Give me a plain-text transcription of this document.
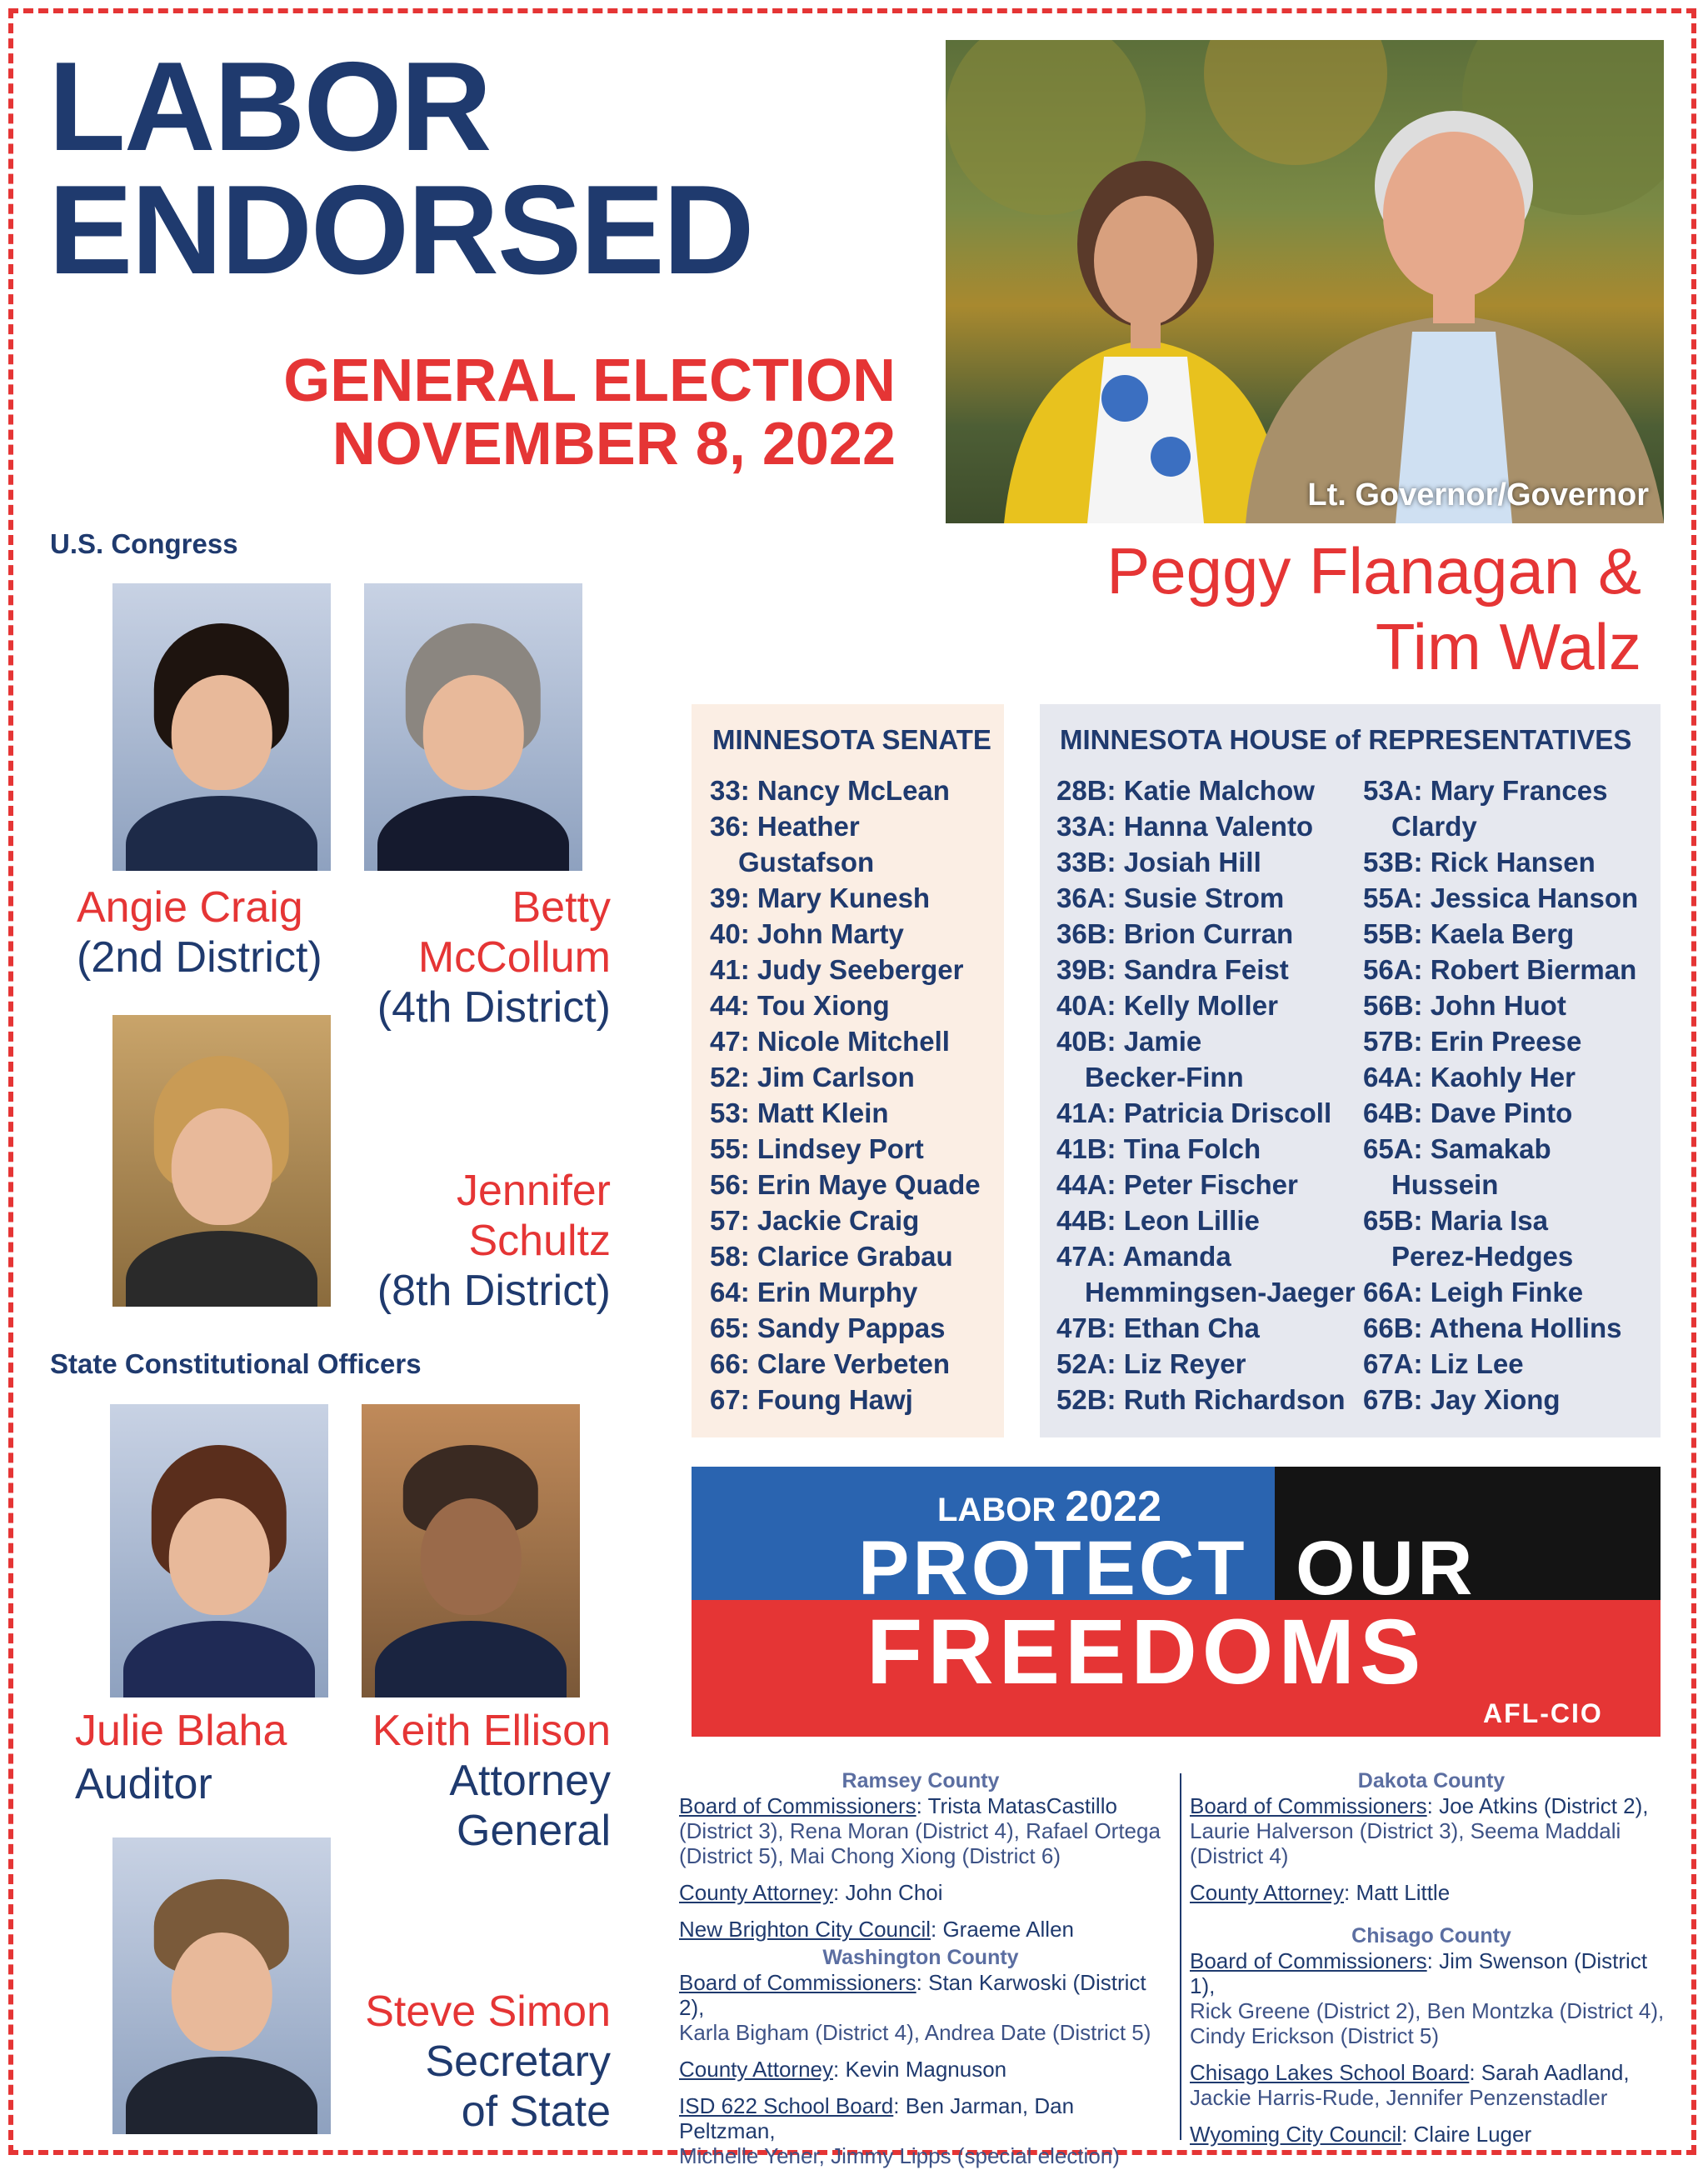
LABOR
ENDORSED
GENERAL ELECTION
NOVEMBER 8, 2022
Lt. Governor/Governor
Peggy Flanagan &
Tim Walz
U.S. Congress
Angie Craig
(2nd District)
Betty
McCollum
(4th District)
Jennifer
Schultz
(8th District)
State Constitutional Officers
Julie Blaha
Auditor
Keith Ellison
Attorney
General
Steve Simon
Secretary
of State
MINNESOTA SENATE
33: Nancy McLean
36: Heather
Gustafson
39: Mary Kunesh
40: John Marty
41: Judy Seeberger
44: Tou Xiong
47: Nicole Mitchell
52: Jim Carlson
53: Matt Klein
55: Lindsey Port
56: Erin Maye Quade
57: Jackie Craig
58: Clarice Grabau
64: Erin Murphy
65: Sandy Pappas
66: Clare Verbeten
67: Foung Hawj
MINNESOTA HOUSE of REPRESENTATIVES
28B: Katie Malchow
33A: Hanna Valento
33B: Josiah Hill
36A: Susie Strom
36B: Brion Curran
39B: Sandra Feist
40A: Kelly Moller
40B: Jamie
Becker-Finn
41A: Patricia Driscoll
41B: Tina Folch
44A: Peter Fischer
44B: Leon Lillie
47A: Amanda
Hemmingsen-Jaeger
47B: Ethan Cha
52A: Liz Reyer
52B: Ruth Richardson
53A: Mary Frances
Clardy
53B: Rick Hansen
55A: Jessica Hanson
55B: Kaela Berg
56A: Robert Bierman
56B: John Huot
57B: Erin Preese
64A: Kaohly Her
64B: Dave Pinto
65A: Samakab
Hussein
65B: Maria Isa
Perez-Hedges
66A: Leigh Finke
66B: Athena Hollins
67A: Liz Lee
67B: Jay Xiong
LABOR 2022
PROTECT OUR
FREEDOMS
AFL-CIO
Ramsey County

Board of Commissioners: Trista MatasCastillo
(District 3), Rena Moran (District 4), Rafael Ortega
(District 5), Mai Chong Xiong (District 6)

County Attorney: John Choi

New Brighton City Council: Graeme Allen

Washington County

Board of Commissioners: Stan Karwoski (District 2),
Karla Bigham (District 4), Andrea Date (District 5)

County Attorney: Kevin Magnuson

ISD 622 School Board: Ben Jarman, Dan Peltzman,
Michelle Yener, Jimmy Lipps (special election)

Dakota County

Board of Commissioners: Joe Atkins (District 2),
Laurie Halverson (District 3), Seema Maddali
(District 4)

County Attorney: Matt Little

Chisago County

Board of Commissioners: Jim Swenson (District 1),
Rick Greene (District 2), Ben Montzka (District 4),
Cindy Erickson (District 5)

Chisago Lakes School Board: Sarah Aadland,
Jackie Harris-Rude, Jennifer Penzenstadler

Wyoming City Council: Claire Luger
